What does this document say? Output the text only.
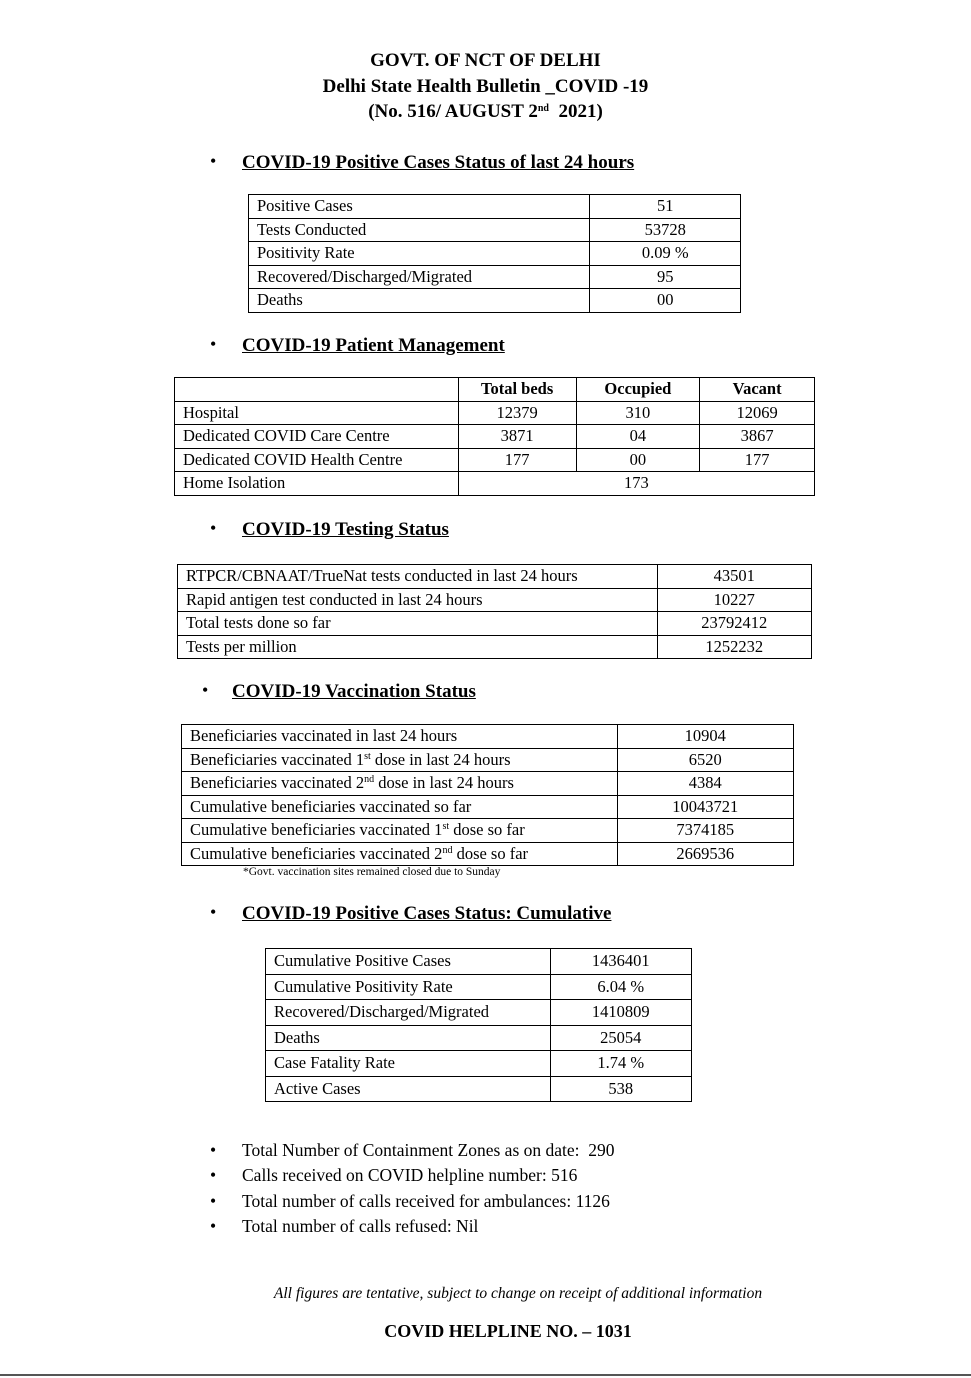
GOVT. OF NCT OF DELHI
Delhi State Health Bulletin _COVID -19
(No. 516/ AUGUST 2nd  2021)
• COVID-19 Positive Cases Status of last 24 hours
Positive Cases	51
Tests Conducted	53728
Positivity Rate	0.09 %
Recovered/Discharged/Migrated	95
Deaths	00
• COVID-19 Patient Management
	Total beds	Occupied	Vacant
Hospital	12379	310	12069
Dedicated COVID Care Centre	3871	04	3867
Dedicated COVID Health Centre	177	00	177
Home Isolation	173		
• COVID-19 Testing Status
RTPCR/CBNAAT/TrueNat tests conducted in last 24 hours	43501
Rapid antigen test conducted in last 24 hours	10227
Total tests done so far	23792412
Tests per million	1252232
• COVID-19 Vaccination Status
Beneficiaries vaccinated in last 24 hours	10904
Beneficiaries vaccinated 1st dose in last 24 hours	6520
Beneficiaries vaccinated 2nd dose in last 24 hours	4384
Cumulative beneficiaries vaccinated so far	10043721
Cumulative beneficiaries vaccinated 1st dose so far	7374185
Cumulative beneficiaries vaccinated 2nd dose so far	2669536
*Govt. vaccination sites remained closed due to Sunday
• COVID-19 Positive Cases Status: Cumulative
Cumulative Positive Cases	1436401
Cumulative Positivity Rate	6.04 %
Recovered/Discharged/Migrated	1410809
Deaths	25054
Case Fatality Rate	1.74 %
Active Cases	538
• Total Number of Containment Zones as on date:  290
• Calls received on COVID helpline number: 516
• Total number of calls received for ambulances: 1126
• Total number of calls refused: Nil
All figures are tentative, subject to change on receipt of additional information
COVID HELPLINE NO. – 1031
